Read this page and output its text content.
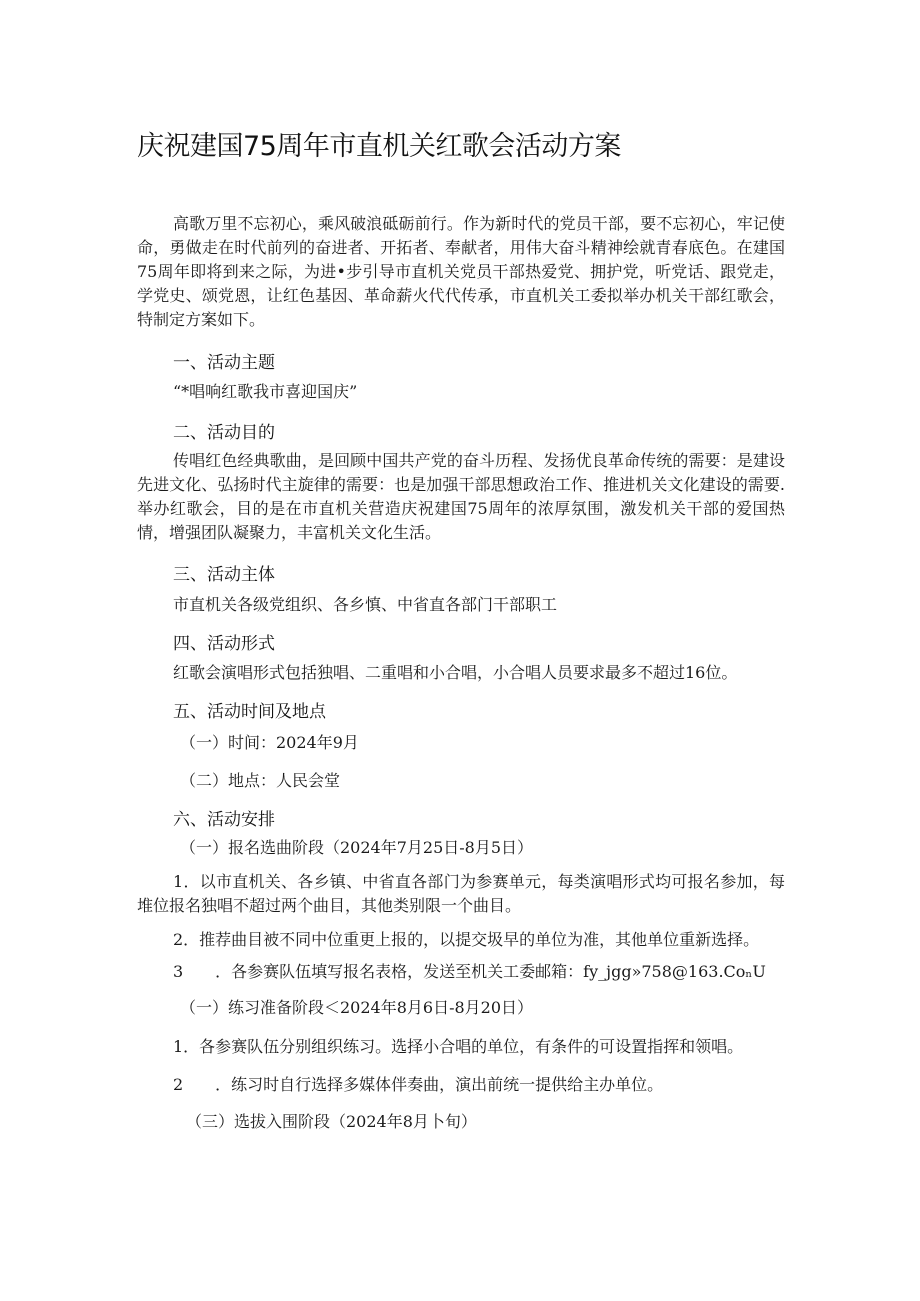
庆祝建国75周年市直机关红歌会活动方案

高歌万里不忘初心，乘风破浪砥砺前行。作为新时代的党员干部，要不忘初心，牢记使命，勇做走在时代前列的奋进者、开拓者、奉献者，用伟大奋斗精神绘就青春底色。在建国75周年即将到来之际，为进•步引导市直机关党员干部热爱党、拥护党，听党话、跟党走，学党史、颂党恩，让红色基因、革命薪火代代传承，市直机关工委拟举办机关干部红歌会，特制定方案如下。

一、活动主题

“*唱响红歌我市喜迎国庆”

二、活动目的

传唱红色经典歌曲，是回顾中国共产党的奋斗历程、发扬优良革命传统的需要：是建设先进文化、弘扬时代主旋律的需要：也是加强干部思想政治工作、推进机关文化建设的需要.举办红歌会，目的是在市直机关营造庆祝建国75周年的浓厚氛围，激发机关干部的爱国热情，增强团队凝聚力，丰富机关文化生活。

三、活动主体

市直机关各级党组织、各乡慎、中省直各部门干部职工

四、活动形式

红歌会演唱形式包括独唱、二重唱和小合唱，小合唱人员要求最多不超过16位。

五、活动时间及地点

（一）时间：2024年9月

（二）地点：人民会堂

六、活动安排

（一）报名选曲阶段（2024年7月25日-8月5日）

1．以市直机关、各乡镇、中省直各部门为参赛单元，每类演唱形式均可报名参加，每堆位报名独唱不超过两个曲目，其他类别限一个曲目。

2．推荐曲目被不同中位重更上报的，以提交圾早的单位为准，其他单位重新选择。

3　　．各参赛队伍填写报名表格，发送至机关工委邮箱：fy_jgg»758@163.CoₙU

（一）练习准备阶段＜2024年8月6日-8月20日）

1．各参赛队伍分别组织练习。选择小合唱的单位，有条件的可设置指挥和领唱。

2　　．练习时自行选择多媒体伴奏曲，演出前统一提供给主办单位。

（三）选拔入围阶段（2024年8月卜旬）
